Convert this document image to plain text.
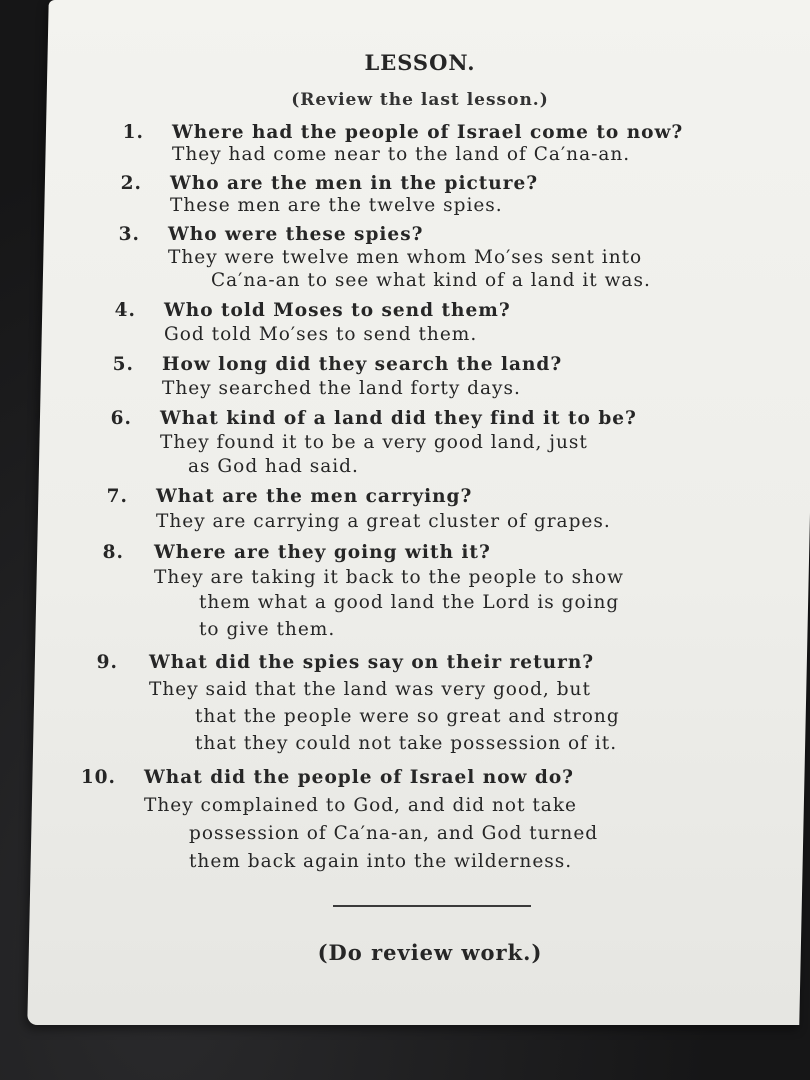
LESSON.
(Review the last lesson.)
1. Where had the people of Israel come to now?
They had come near to the land of Ca′na-an.
2. Who are the men in the picture?
These men are the twelve spies.
3. Who were these spies?
They were twelve men whom Mo′ses sent into
Ca′na-an to see what kind of a land it was.
4. Who told Moses to send them?
God told Mo′ses to send them.
5. How long did they search the land?
They searched the land forty days.
6. What kind of a land did they find it to be?
They found it to be a very good land, just
as God had said.
7. What are the men carrying?
They are carrying a great cluster of grapes.
8. Where are they going with it?
They are taking it back to the people to show
them what a good land the Lord is going
to give them.
9. What did the spies say on their return?
They said that the land was very good, but
that the people were so great and strong
that they could not take possession of it.
10. What did the people of Israel now do?
They complained to God, and did not take
possession of Ca′na-an, and God turned
them back again into the wilderness.
(Do review work.)
